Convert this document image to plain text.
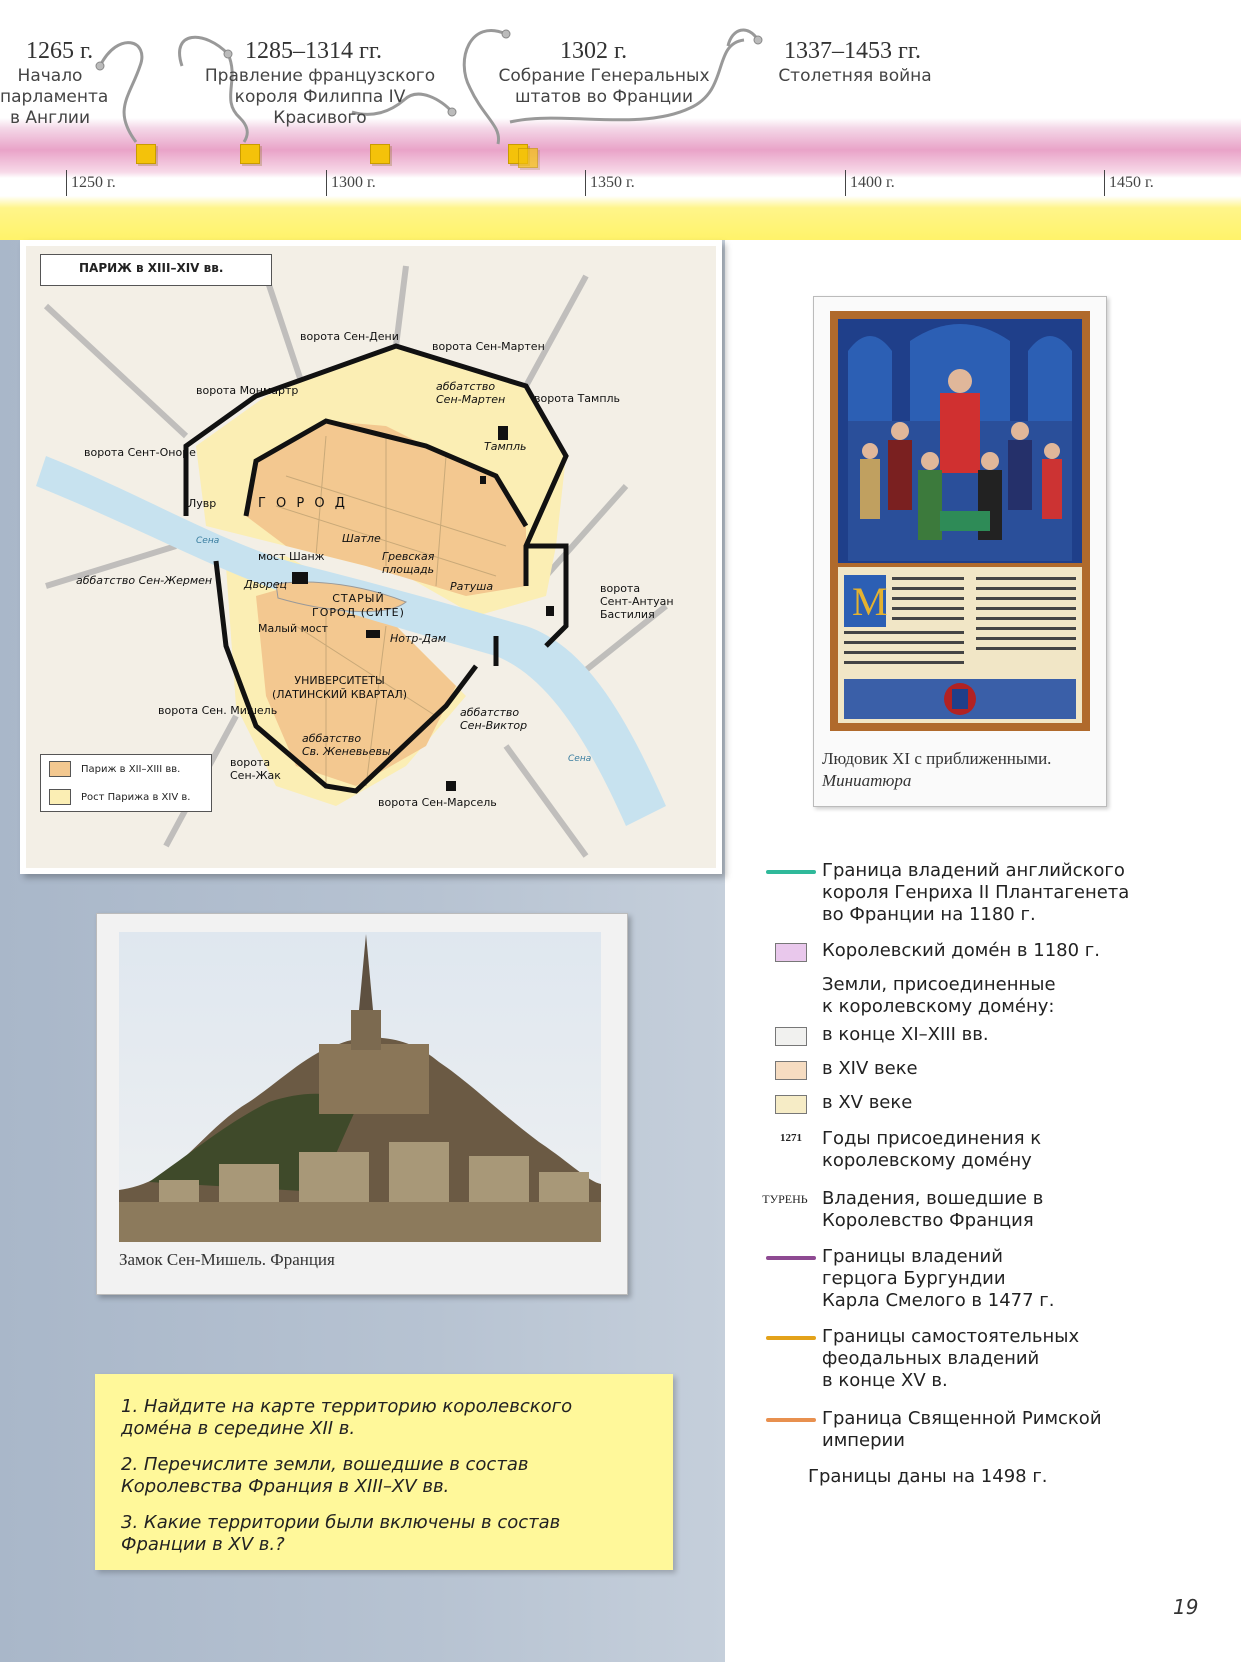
1265 г.
Начало
парламента
в Англии
1285–1314 гг.
Правление французского
короля Филиппа IV
Красивого
1302 г.
Собрание Генеральных
штатов во Франции
1337–1453 гг.
Столетняя война
1250 г.	1300 г.	1350 г.	1400 г.	1450 г.
ПАРИЖ в XIII–XIV вв.
ворота Сен-Дени
ворота Сен-Мартен
ворота Монмартр	аббатство
Сен-Мартен	ворота Тампль
Тампль
ворота Сент-Оноре
Лувр	Г О Р О Д
Сена	Шатле
мост Шанж	Гревская
площадь
Ратуша
аббатство Сен-Жермен	Дворец
СТАРЫЙ
ГОРОД (СИТЕ)
ворота
Сент-Антуан
Бастилия
Малый мост
Нотр-Дам
УНИВЕРСИТЕТЫ
(ЛАТИНСКИЙ КВАРТАЛ)
ворота Сен. Мишель	аббатство
Сен-Виктор
аббатство
Св. Женевьевы
ворота
Сен-Жак
ворота Сен-Марсель
Сена
Париж в XII–XIII вв.
Рост Парижа в XIV в.
M
Людовик XI с приближенными.
Миниатюра
Замок Сен-Мишель. Франция
1. Найдите на карте территорию королевского
домéна в середине XII в.
2. Перечислите земли, вошедшие в состав
Королевства Франция в XIII–XV вв.
3. Какие территории были включены в состав
Франции в XV в.?
Граница владений английского
короля Генриха II Плантагенета
во Франции на 1180 г.
Королевский домéн в 1180 г.
Земли, присоединенные
к королевскому домéну:
в конце XI–XIII вв.
в XIV веке
в XV веке
1271 Годы присоединения к
королевскому домéну
ТУРЕНЬ Владения, вошедшие в
Королевство Франция
Границы владений
герцога Бургундии
Карла Смелого в 1477 г.
Границы самостоятельных
феодальных владений
в конце XV в.
Граница Священной Римской
империи
Границы даны на 1498 г.
19
